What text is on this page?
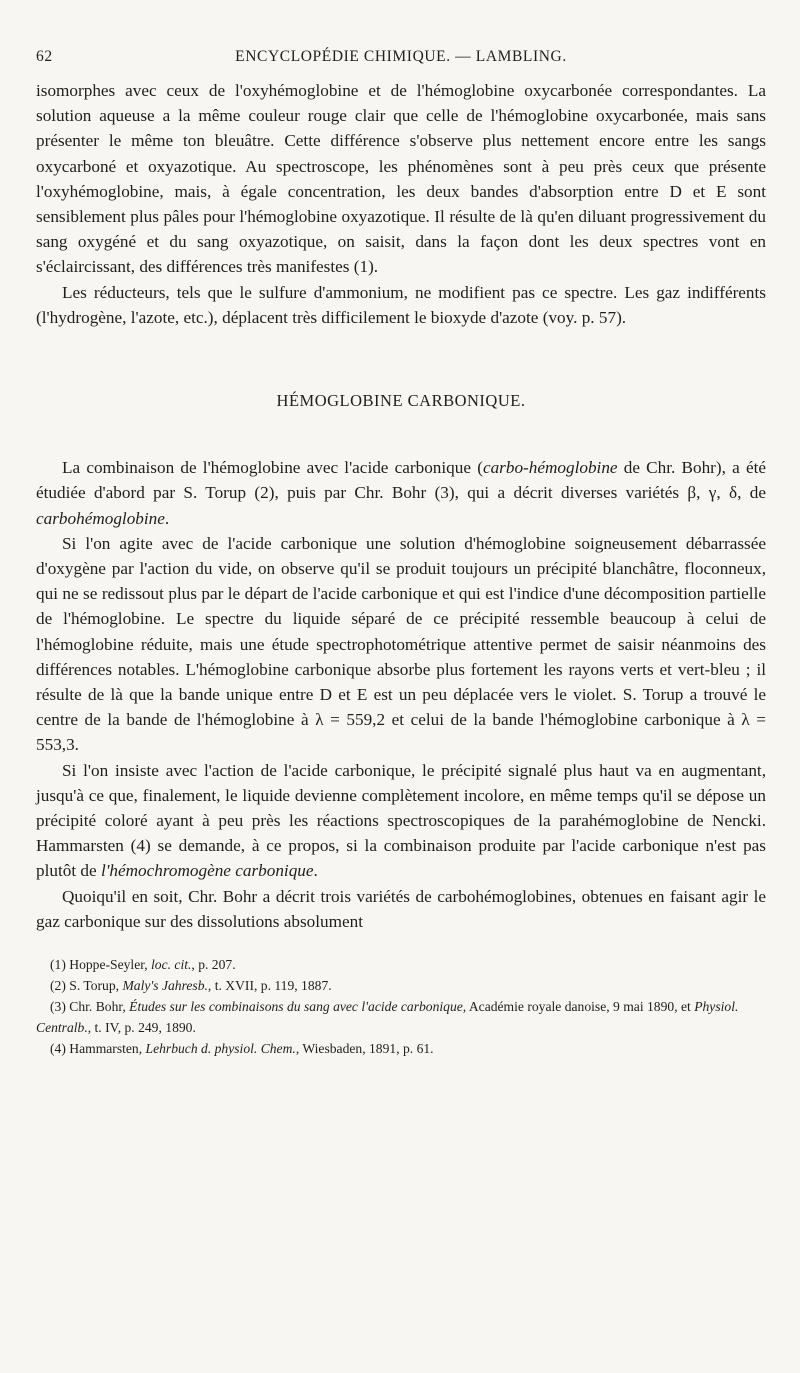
62	ENCYCLOPÉDIE CHIMIQUE. — LAMBLING.

isomorphes avec ceux de l'oxyhémoglobine et de l'hémoglobine oxycarbonée correspondantes. La solution aqueuse a la même couleur rouge clair que celle de l'hémoglobine oxycarbonée, mais sans présenter le même ton bleuâtre. Cette différence s'observe plus nettement encore entre les sangs oxycarboné et oxyazotique. Au spectroscope, les phénomènes sont à peu près ceux que présente l'oxyhémoglobine, mais, à égale concentration, les deux bandes d'absorption entre D et E sont sensiblement plus pâles pour l'hémoglobine oxyazotique. Il résulte de là qu'en diluant progressivement du sang oxygéné et du sang oxyazotique, on saisit, dans la façon dont les deux spectres vont en s'éclaircissant, des différences très manifestes (1).

Les réducteurs, tels que le sulfure d'ammonium, ne modifient pas ce spectre. Les gaz indifférents (l'hydrogène, l'azote, etc.), déplacent très difficilement le bioxyde d'azote (voy. p. 57).

HÉMOGLOBINE CARBONIQUE.

La combinaison de l'hémoglobine avec l'acide carbonique (carbo-hémoglobine de Chr. Bohr), a été étudiée d'abord par S. Torup (2), puis par Chr. Bohr (3), qui a décrit diverses variétés β, γ, δ, de carbohémoglobine.

Si l'on agite avec de l'acide carbonique une solution d'hémoglobine soigneusement débarrassée d'oxygène par l'action du vide, on observe qu'il se produit toujours un précipité blanchâtre, floconneux, qui ne se redissout plus par le départ de l'acide carbonique et qui est l'indice d'une décomposition partielle de l'hémoglobine. Le spectre du liquide séparé de ce précipité ressemble beaucoup à celui de l'hémoglobine réduite, mais une étude spectrophotométrique attentive permet de saisir néanmoins des différences notables. L'hémoglobine carbonique absorbe plus fortement les rayons verts et vert-bleu ; il résulte de là que la bande unique entre D et E est un peu déplacée vers le violet. S. Torup a trouvé le centre de la bande de l'hémoglobine à λ = 559,2 et celui de la bande l'hémoglobine carbonique à λ = 553,3.

Si l'on insiste avec l'action de l'acide carbonique, le précipité signalé plus haut va en augmentant, jusqu'à ce que, finalement, le liquide devienne complètement incolore, en même temps qu'il se dépose un précipité coloré ayant à peu près les réactions spectroscopiques de la parahémoglobine de Nencki. Hammarsten (4) se demande, à ce propos, si la combinaison produite par l'acide carbonique n'est pas plutôt de l'hémochromogène carbonique.

Quoiqu'il en soit, Chr. Bohr a décrit trois variétés de carbohémoglobines, obtenues en faisant agir le gaz carbonique sur des dissolutions absolument

(1) Hoppe-Seyler, loc. cit., p. 207.

(2) S. Torup, Maly's Jahresb., t. XVII, p. 119, 1887.

(3) Chr. Bohr, Études sur les combinaisons du sang avec l'acide carbonique, Académie royale danoise, 9 mai 1890, et Physiol. Centralb., t. IV, p. 249, 1890.

(4) Hammarsten, Lehrbuch d. physiol. Chem., Wiesbaden, 1891, p. 61.
